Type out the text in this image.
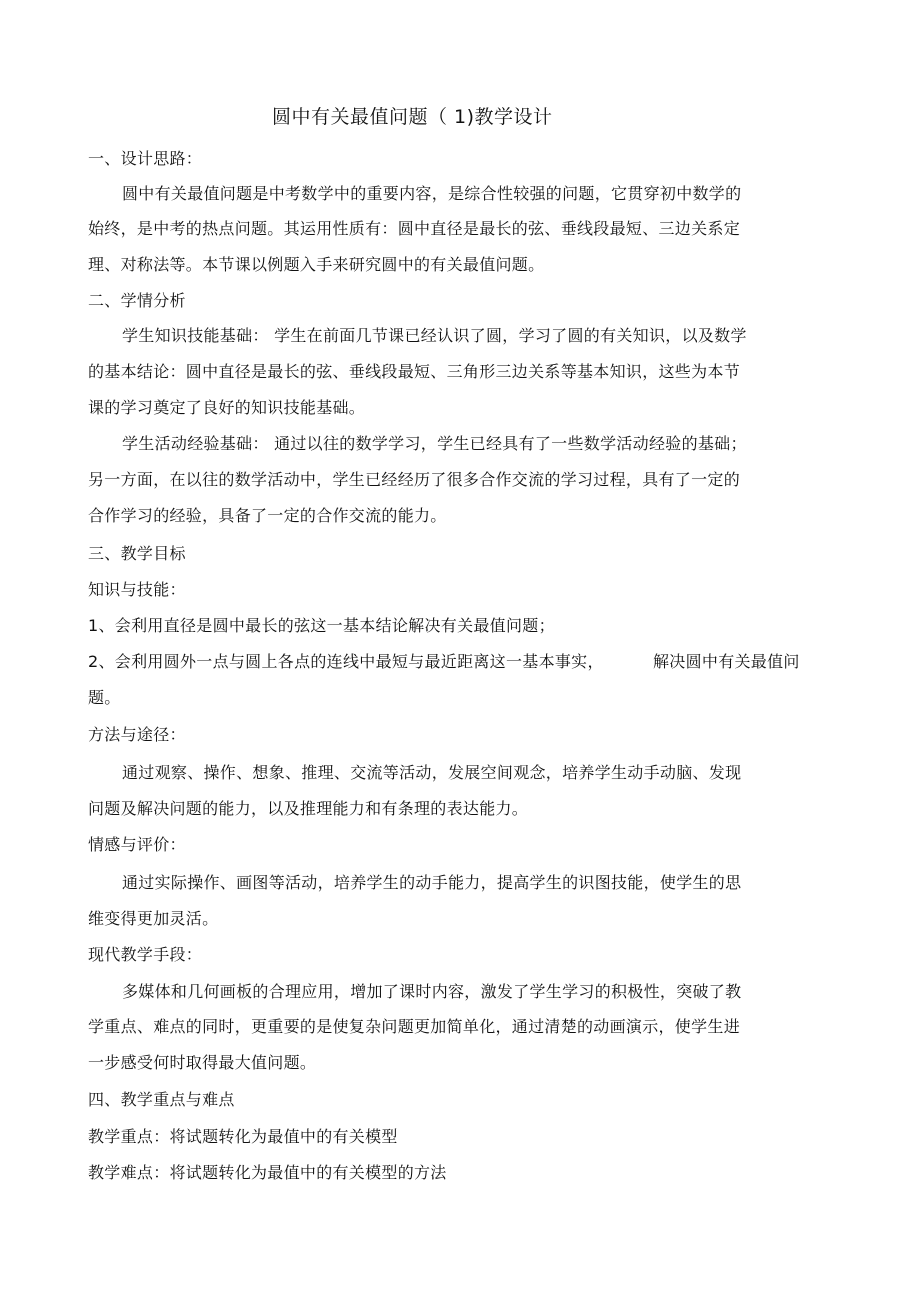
圆中有关最值问题（ 1)教学设计
一、设计思路：
圆中有关最值问题是中考数学中的重要内容，是综合性较强的问题，它贯穿初中数学的
始终，是中考的热点问题。其运用性质有：圆中直径是最长的弦、垂线段最短、三边关系定
理、对称法等。本节课以例题入手来研究圆中的有关最值问题。
二、学情分析
学生知识技能基础： 学生在前面几节课已经认识了圆，学习了圆的有关知识，以及数学
的基本结论：圆中直径是最长的弦、垂线段最短、三角形三边关系等基本知识，这些为本节
课的学习奠定了良好的知识技能基础。
学生活动经验基础： 通过以往的数学学习，学生已经具有了一些数学活动经验的基础；
另一方面，在以往的数学活动中，学生已经经历了很多合作交流的学习过程，具有了一定的
合作学习的经验，具备了一定的合作交流的能力。
三、教学目标
知识与技能：
1、会利用直径是圆中最长的弦这一基本结论解决有关最值问题；
2、会利用圆外一点与圆上各点的连线中最短与最近距离这一基本事实，	解决圆中有关最值问
题。
方法与途径：
通过观察、操作、想象、推理、交流等活动，发展空间观念，培养学生动手动脑、发现
问题及解决问题的能力，以及推理能力和有条理的表达能力。
情感与评价：
通过实际操作、画图等活动，培养学生的动手能力，提高学生的识图技能，使学生的思
维变得更加灵活。
现代教学手段：
多媒体和几何画板的合理应用，增加了课时内容，激发了学生学习的积极性，突破了教
学重点、难点的同时，更重要的是使复杂问题更加简单化，通过清楚的动画演示，使学生进
一步感受何时取得最大值问题。
四、教学重点与难点
教学重点：将试题转化为最值中的有关模型
教学难点：将试题转化为最值中的有关模型的方法
